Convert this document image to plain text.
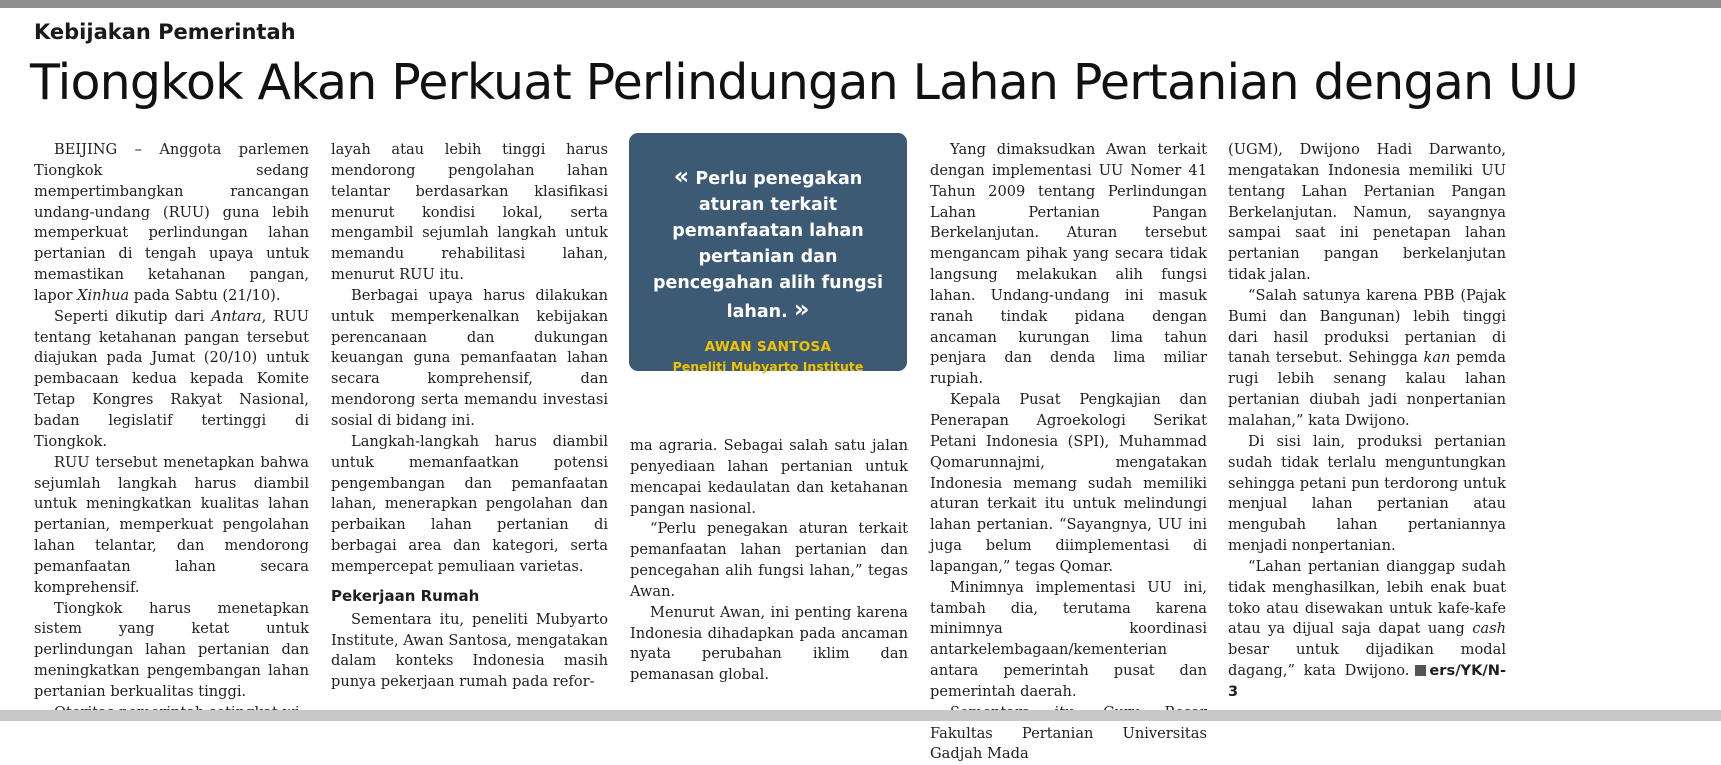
Kebijakan Pemerintah
Tiongkok Akan Perkuat Perlindungan Lahan Pertanian dengan UU

BEIJING – Anggota parlemen Tiongkok sedang mempertimbangkan rancangan undang-undang (RUU) guna lebih memperkuat perlindungan lahan pertanian di tengah upaya untuk memastikan ketahanan pangan, lapor Xinhua pada Sabtu (21/10).

Seperti dikutip dari Antara, RUU tentang ketahanan pangan tersebut diajukan pada Jumat (20/10) untuk pembacaan kedua kepada Komite Tetap Kongres Rakyat Nasional, badan legislatif tertinggi di Tiongkok.

RUU tersebut menetapkan bahwa sejumlah langkah harus diambil untuk meningkatkan kualitas lahan pertanian, memperkuat pengolahan lahan telantar, dan mendorong pemanfaatan lahan secara komprehensif.

Tiongkok harus menetapkan sistem yang ketat untuk perlindungan lahan pertanian dan meningkatkan pengembangan lahan pertanian berkualitas tinggi.

layah atau lebih tinggi harus mendorong pengolahan lahan telantar berdasarkan klasifikasi menurut kondisi lokal, serta mengambil sejumlah langkah untuk memandu rehabilitasi lahan, menurut RUU itu.

Berbagai upaya harus dilakukan untuk memperkenalkan kebijakan perencanaan dan dukungan keuangan guna pemanfaatan lahan secara komprehensif, dan mendorong serta memandu investasi sosial di bidang ini.

Langkah-langkah harus diambil untuk memanfaatkan potensi pengembangan dan pemanfaatan lahan, menerapkan pengolahan dan perbaikan lahan pertanian di berbagai area dan kategori, serta mempercepat pemuliaan varietas.

Pekerjaan Rumah

Sementara itu, peneliti Mubyarto Institute, Awan Santosa, mengatakan dalam konteks Indonesia masih punya pekerjaan rumah pada refor-

« Perlu penegakan aturan terkait pemanfaatan lahan pertanian dan pencegahan alih fungsi lahan. »
AWAN SANTOSA
Peneliti Mubyarto Institute

ma agraria. Sebagai salah satu jalan penyediaan lahan pertanian untuk mencapai kedaulatan dan ketahanan pangan nasional.

“Perlu penegakan aturan terkait pemanfaatan lahan pertanian dan pencegahan alih fungsi lahan,” tegas Awan.

Menurut Awan, ini penting karena Indonesia dihadapkan pada ancaman nyata perubahan iklim dan pemanasan global.

Yang dimaksudkan Awan terkait dengan implementasi UU Nomer 41 Tahun 2009 tentang Perlindungan Lahan Pertanian Pangan Berkelanjutan. Aturan tersebut mengancam pihak yang secara tidak langsung melakukan alih fungsi lahan. Undang-undang ini masuk ranah tindak pidana dengan ancaman kurungan lima tahun penjara dan denda lima miliar rupiah.

Kepala Pusat Pengkajian dan Penerapan Agroekologi Serikat Petani Indonesia (SPI), Muhammad Qomarunnajmi, mengatakan Indonesia memang sudah memiliki aturan terkait itu untuk melindungi lahan pertanian. “Sayangnya, UU ini juga belum diimplementasi di lapangan,” tegas Qomar.

Minimnya implementasi UU ini, tambah dia, terutama karena minimnya koordinasi antarkelembagaan/kementerian antara pemerintah pusat dan pemerintah daerah.

Fakultas Pertanian Universitas Gadjah Mada

(UGM), Dwijono Hadi Darwanto, mengatakan Indonesia memiliki UU tentang Lahan Pertanian Pangan Berkelanjutan. Namun, sayangnya sampai saat ini penetapan lahan pertanian pangan berkelanjutan tidak jalan.

“Salah satunya karena PBB (Pajak Bumi dan Bangunan) lebih tinggi dari hasil produksi pertanian di tanah tersebut. Sehingga kan pemda rugi lebih senang kalau lahan pertanian diubah jadi nonpertanian malahan,” kata Dwijono.

Di sisi lain, produksi pertanian sudah tidak terlalu menguntungkan sehingga petani pun terdorong untuk menjual lahan pertanian atau mengubah lahan pertaniannya menjadi nonpertanian.

“Lahan pertanian dianggap sudah tidak menghasilkan, lebih enak buat toko atau disewakan untuk kafe-kafe atau ya dijual saja dapat uang cash besar untuk dijadikan modal dagang,” kata Dwijono. ers/YK/N-3
